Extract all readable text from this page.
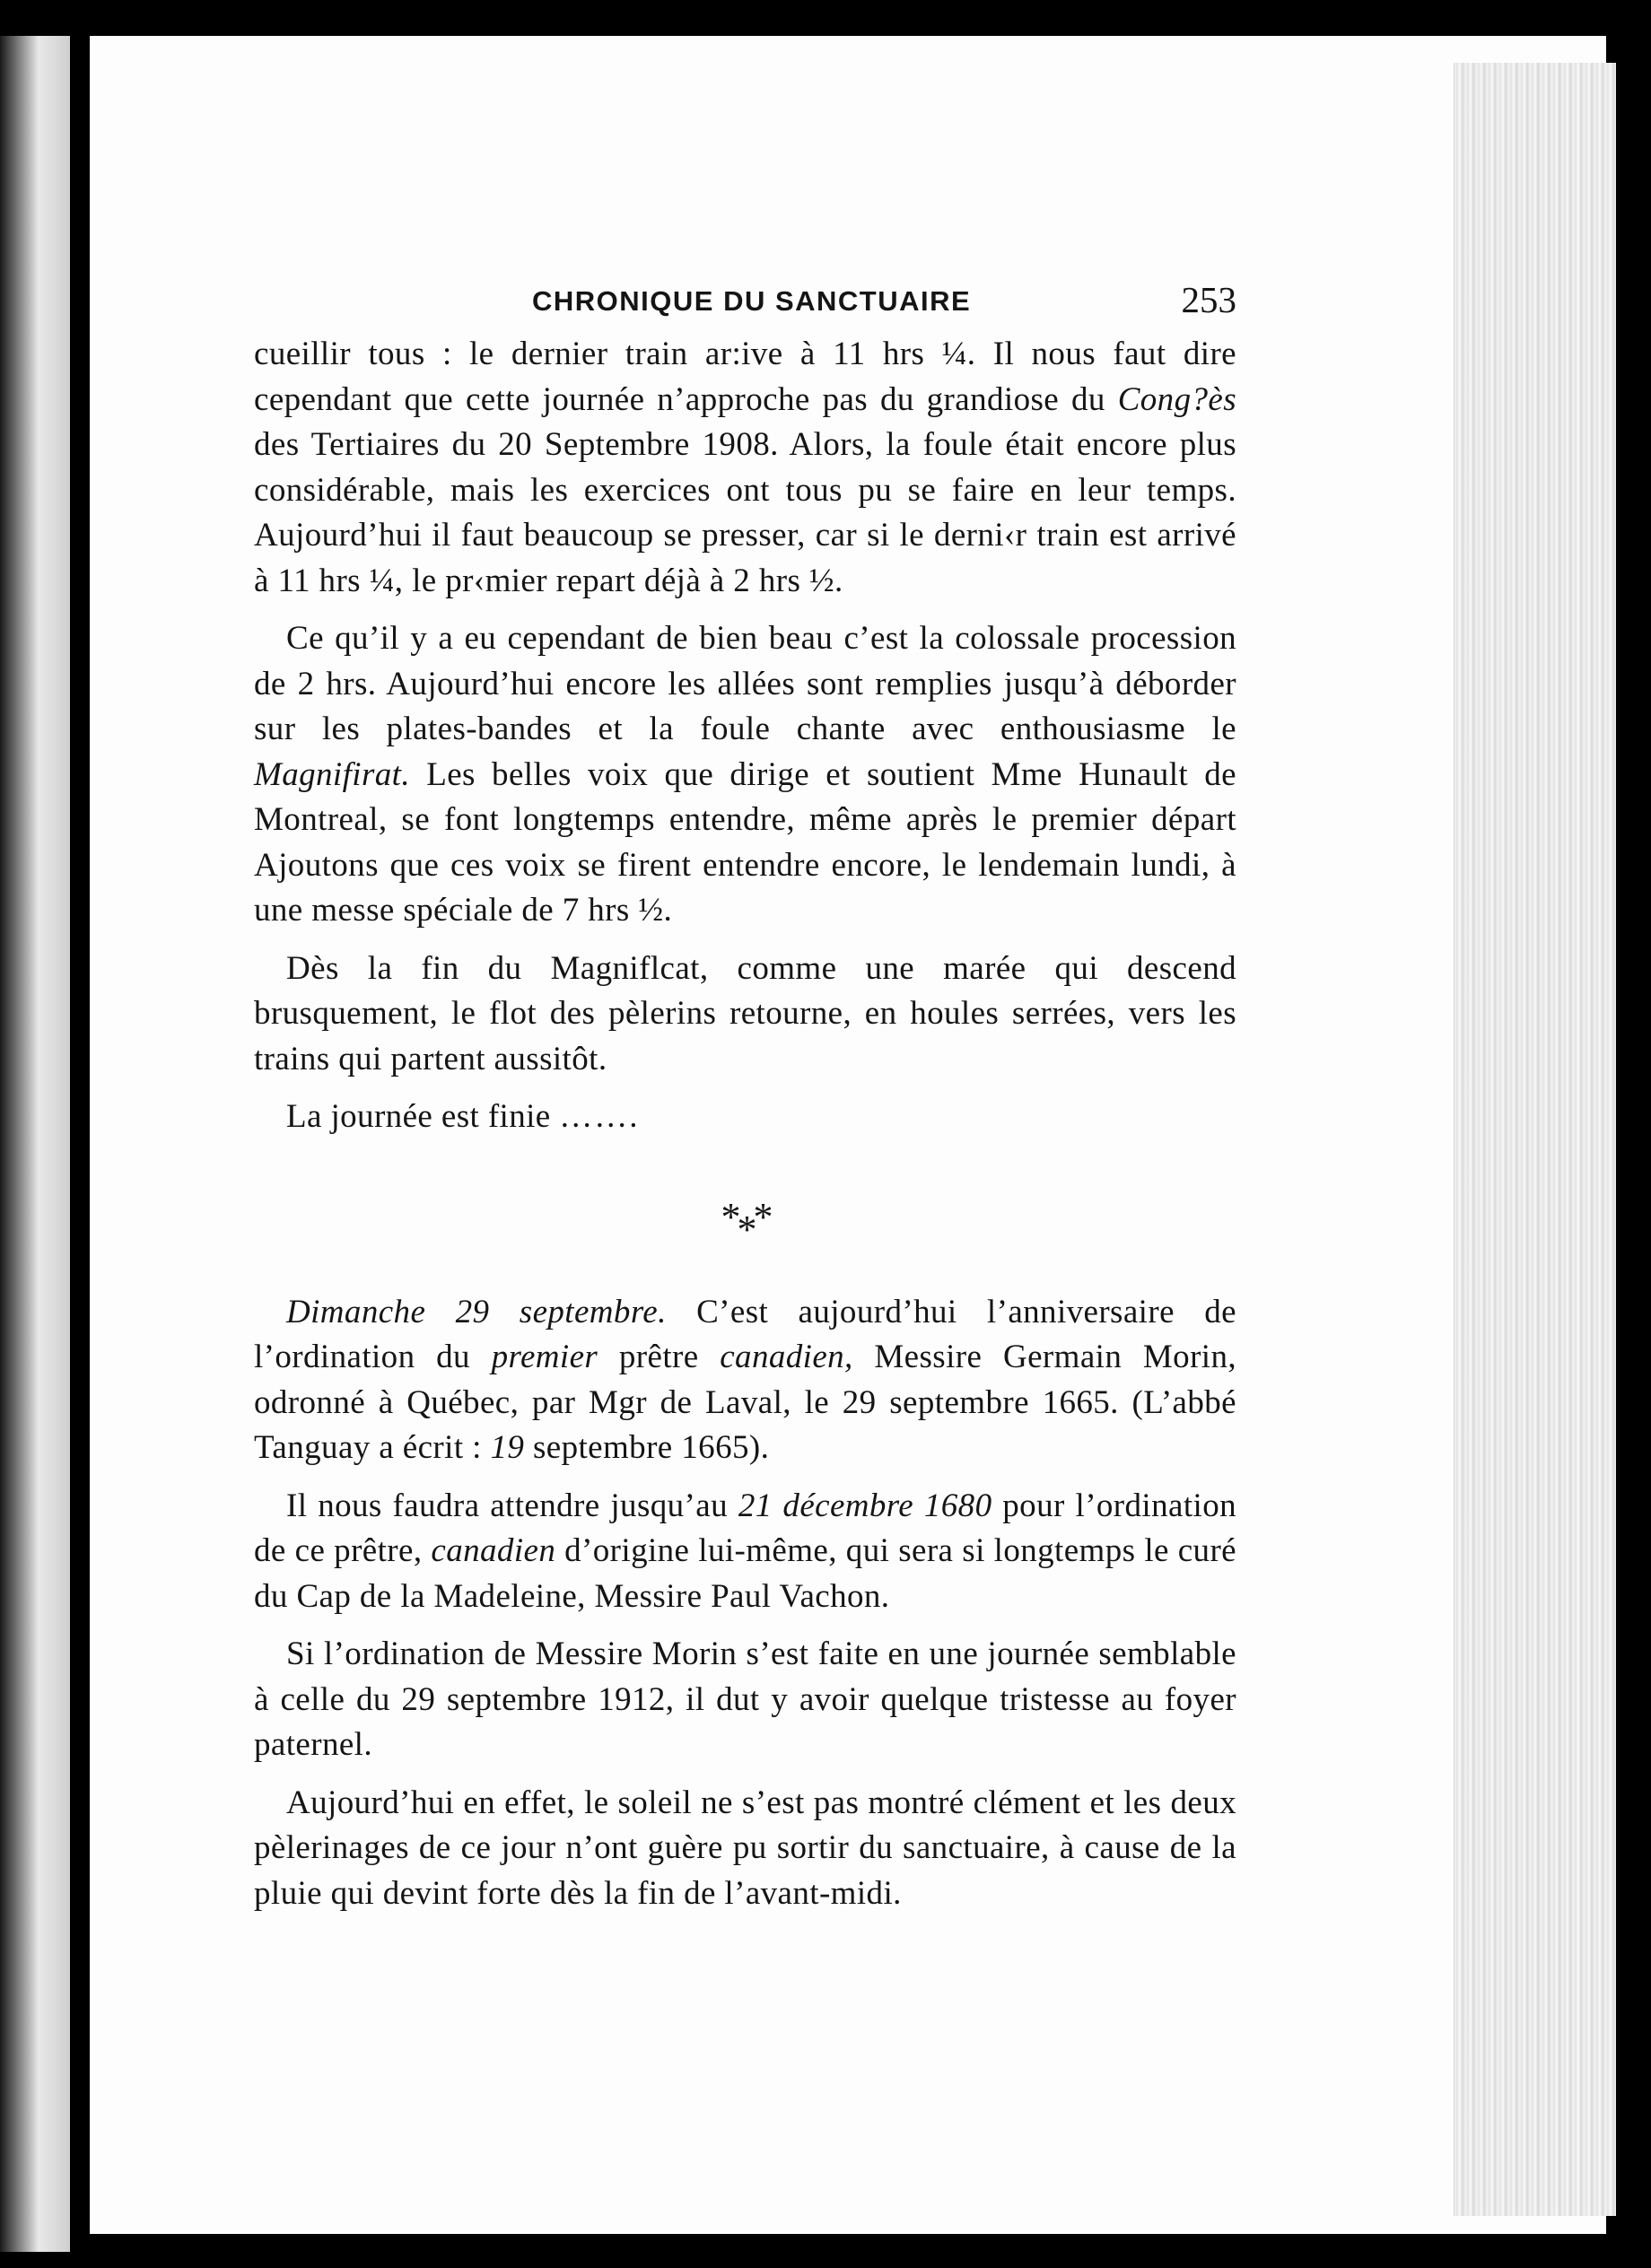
CHRONIQUE DU SANCTUAIRE	253

cueillir tous : le dernier train ar:ive à 11 hrs ¼. Il nous faut dire cependant que cette journée n’approche pas du grandiose du Cong?ès des Tertiaires du 20 Septembre 1908. Alors, la foule était encore plus considérable, mais les exercices ont tous pu se faire en leur temps. Aujourd’hui il faut beaucoup se presser, car si le derni‹r train est arrivé à 11 hrs ¼, le pr‹mier repart déjà à 2 hrs ½.

Ce qu’il y a eu cependant de bien beau c’est la colossale procession de 2 hrs. Aujourd’hui encore les allées sont remplies jusqu’à déborder sur les plates-bandes et la foule chante avec enthousiasme le Magnifirat. Les belles voix que dirige et soutient Mme Hunault de Montreal, se font longtemps entendre, même après le premier départ Ajoutons que ces voix se firent entendre encore, le lendemain lundi, à une messe spéciale de 7 hrs ½.

Dès la fin du Magniflcat, comme une marée qui descend brusquement, le flot des pèlerins retourne, en houles serrées, vers les trains qui partent aussitôt.

La journée est finie …….

***

Dimanche 29 septembre. C’est aujourd’hui l’anniversaire de l’ordination du premier prêtre canadien, Messire Germain Morin, odronné à Québec, par Mgr de Laval, le 29 septembre 1665. (L’abbé Tanguay a écrit : 19 septembre 1665).

Il nous faudra attendre jusqu’au 21 décembre 1680 pour l’ordination de ce prêtre, canadien d’origine lui-même, qui sera si longtemps le curé du Cap de la Madeleine, Messire Paul Vachon.

Si l’ordination de Messire Morin s’est faite en une journée semblable à celle du 29 septembre 1912, il dut y avoir quelque tristesse au foyer paternel.

Aujourd’hui en effet, le soleil ne s’est pas montré clément et les deux pèlerinages de ce jour n’ont guère pu sortir du sanctuaire, à cause de la pluie qui devint forte dès la fin de l’avant-midi.
